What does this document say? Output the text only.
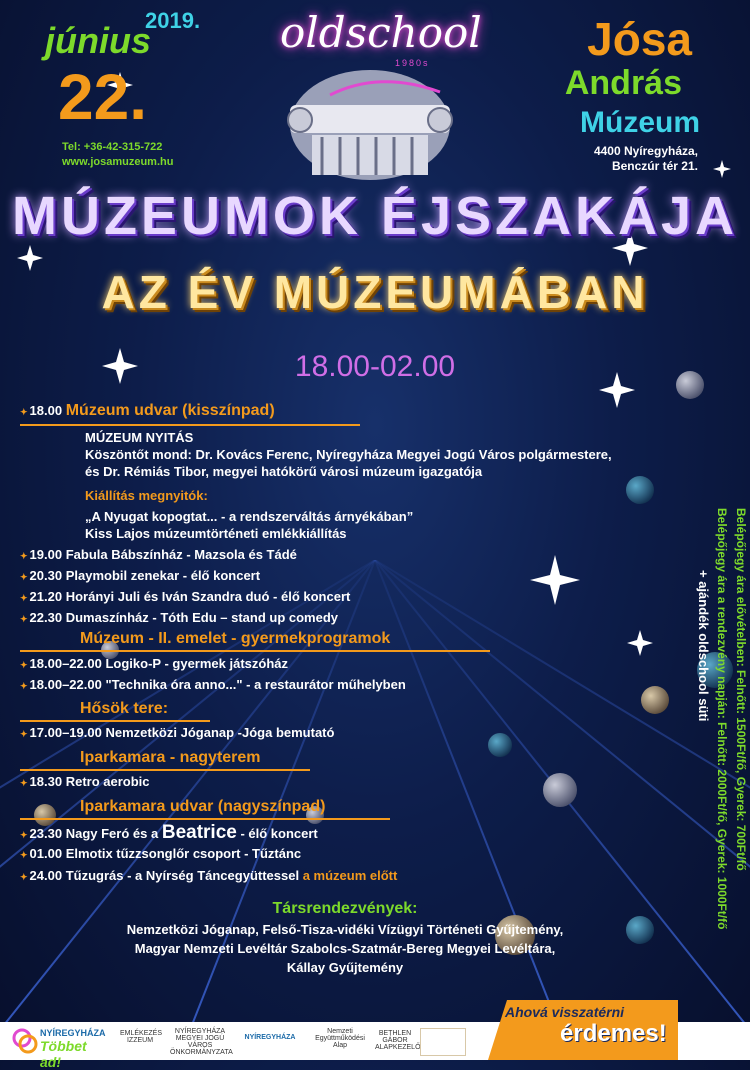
2019.
június
22.
Tel: +36-42-315-722
www.josamuzeum.hu
oldschool
1980s	Jósa
András
Múzeum
4400 Nyíregyháza,
Benczúr tér 21.
MÚZEUMOK ÉJSZAKÁJA
AZ ÉV MÚZEUMÁBAN
18.00-02.00
✦ 18.00 Múzeum udvar (kisszínpad)
MÚZEUM NYITÁS
Köszöntőt mond: Dr. Kovács Ferenc, Nyíregyháza Megyei Jogú Város polgármestere,
és Dr. Rémiás Tibor, megyei hatókörű városi múzeum igazgatója
Kiállítás megnyitók:
„A Nyugat kopogtat... - a rendszerváltás árnyékában”
Kiss Lajos múzeumtörténeti emlékkiállítás
✦ 19.00 Fabula Bábszínház - Mazsola és Tádé
✦ 20.30 Playmobil zenekar - élő koncert
✦ 21.20 Horányi Juli és Iván Szandra duó - élő koncert
✦ 22.30 Dumaszínház - Tóth Edu – stand up comedy
Múzeum - II. emelet - gyermekprogramok
✦ 18.00–22.00 Logiko-P - gyermek játszóház
✦ 18.00–22.00 "Technika óra anno..." - a restaurátor műhelyben
Hősök tere:
✦ 17.00–19.00 Nemzetközi Jóganap -Jóga bemutató
Iparkamara - nagyterem
✦ 18.30 Retro aerobic
Iparkamara udvar (nagyszínpad)
✦ 23.30 Nagy Feró és a Beatrice - élő koncert
✦ 01.00 Elmotix tűzzsonglőr csoport - Tűztánc
✦ 24.00 Tűzugrás - a Nyírség Táncegyüttessel a múzeum előtt
Társrendezvények:
Nemzetközi Jóganap, Felső-Tisza-vidéki Vízügyi Történeti Gyűjtemény,
Magyar Nemzeti Levéltár Szabolcs-Szatmár-Bereg Megyei Levéltára,
Kállay Gyűjtemény
Belépőjegy ára elővételben: Felnőtt: 1500Ft/fő, Gyerek: 700Ft/fő
Belépőjegy ára a rendezvény napján: Felnőtt: 2000Ft/fő, Gyerek: 1000Ft/fő
+ ajándék oldschool süti
NYÍREGYHÁZA
Többet ad!
EMLÉKEZÉS IZZEUM
NYÍREGYHÁZA MEGYEI JOGÚ VÁROS ÖNKORMÁNYZATA
NYÍREGYHÁZA
Nemzeti Együttműködési Alap
BETHLEN GÁBOR ALAPKEZELŐ
Ahová visszatérni
érdemes!
